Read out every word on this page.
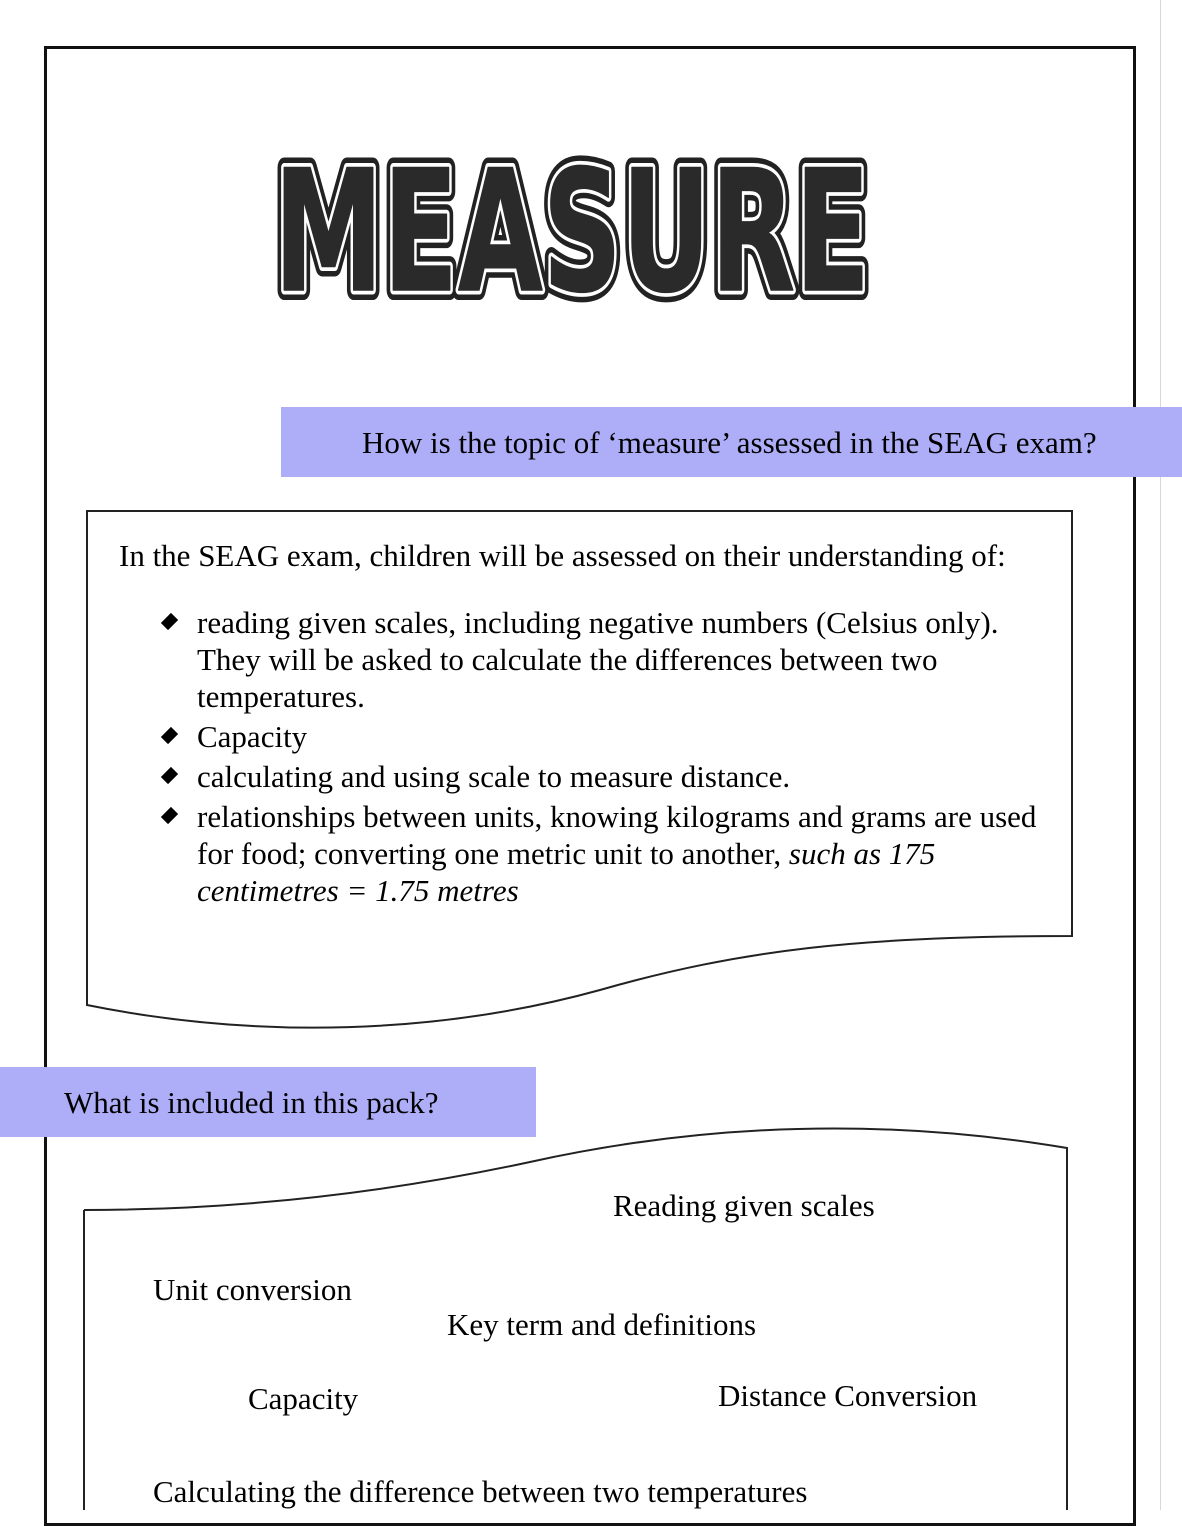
MEASURE
MEASURE
MEASURE
How is the topic of ‘measure’ assessed in the SEAG exam?
In the SEAG exam, children will be assessed on their understanding of:
reading given scales, including negative numbers (Celsius only). They will be asked to calculate the differences between two temperatures.
Capacity
calculating and using scale to measure distance.
relationships between units, knowing kilograms and grams are used for food; converting one metric unit to another, such as 175 centimetres = 1.75 metres
What is included in this pack?
Reading given scales
Unit conversion
Key term and definitions
Capacity	Distance Conversion
Calculating the difference between two temperatures
